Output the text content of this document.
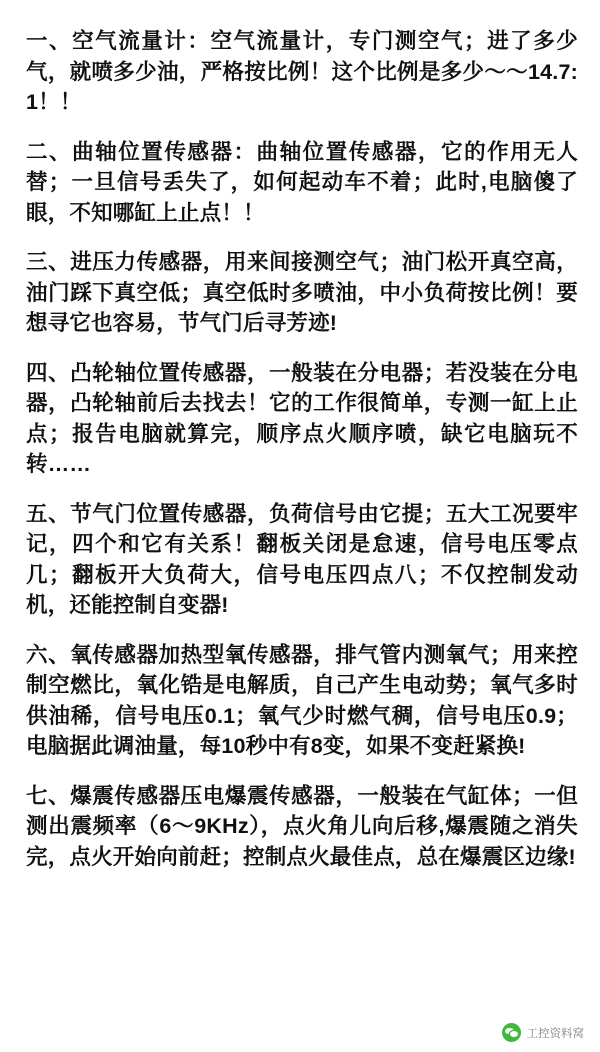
一、空气流量计：空气流量计，专门测空气；进了多少气，就喷多少油，严格按比例！这个比例是多少～～14.7:1！！

二、曲轴位置传感器：曲轴位置传感器，它的作用无人替；一旦信号丢失了，如何起动车不着；此时,电脑傻了眼，不知哪缸上止点！！

三、进压力传感器，用来间接测空气；油门松开真空高，油门踩下真空低；真空低时多喷油，中小负荷按比例！要想寻它也容易，节气门后寻芳迹!

四、凸轮轴位置传感器，一般装在分电器；若没装在分电器，凸轮轴前后去找去！它的工作很简单，专测一缸上止点；报告电脑就算完，顺序点火顺序喷，缺它电脑玩不转……

五、节气门位置传感器，负荷信号由它提；五大工况要牢记，四个和它有关系！翻板关闭是怠速，信号电压零点几；翻板开大负荷大，信号电压四点八；不仅控制发动机，还能控制自变器!

六、氧传感器加热型氧传感器，排气管内测氧气；用来控制空燃比，氧化锆是电解质，自己产生电动势；氧气多时供油稀，信号电压0.1；氧气少时燃气稠，信号电压0.9；电脑据此调油量，每10秒中有8变，如果不变赶紧换!

七、爆震传感器压电爆震传感器，一般装在气缸体；一但测出震频率（6～9KHz），点火角儿向后移,爆震随之消失完，点火开始向前赶；控制点火最佳点，总在爆震区边缘!

工控资料窝
